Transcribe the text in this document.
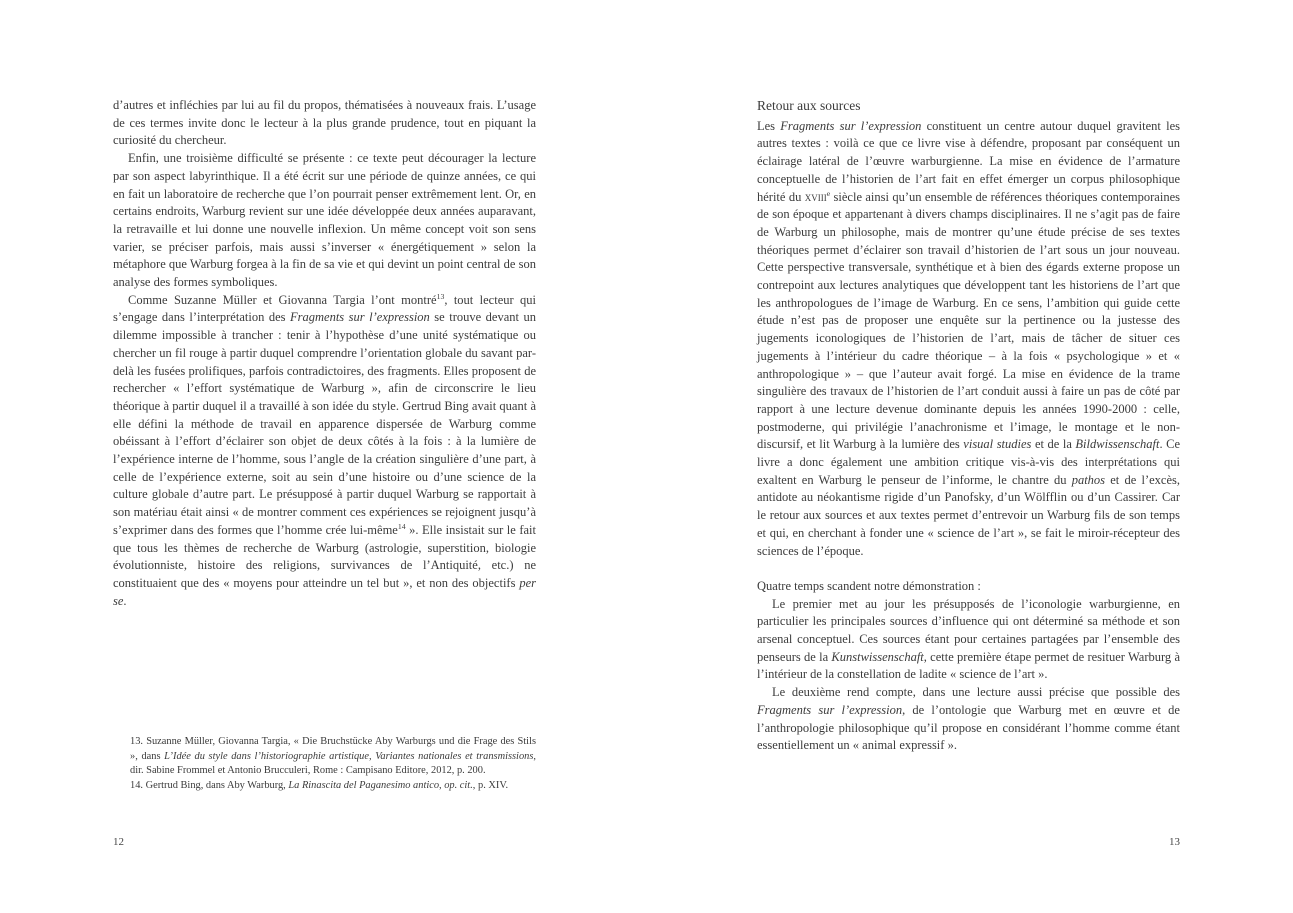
d’autres et infléchies par lui au fil du propos, thématisées à nouveaux frais. L’usage de ces termes invite donc le lecteur à la plus grande prudence, tout en piquant la curiosité du chercheur.

Enfin, une troisième difficulté se présente : ce texte peut décourager la lecture par son aspect labyrinthique. Il a été écrit sur une période de quinze années, ce qui en fait un laboratoire de recherche que l’on pourrait penser extrêmement lent. Or, en certains endroits, Warburg revient sur une idée développée deux années auparavant, la retravaille et lui donne une nouvelle inflexion. Un même concept voit son sens varier, se préciser parfois, mais aussi s’inverser « énergétiquement » selon la métaphore que Warburg forgea à la fin de sa vie et qui devint un point central de son analyse des formes symboliques.

Comme Suzanne Müller et Giovanna Targia l’ont montré$^{13}$, tout lecteur qui s’engage dans l’interprétation des Fragments sur l’expression se trouve devant un dilemme impossible à trancher : tenir à l’hypothèse d’une unité systématique ou chercher un fil rouge à partir duquel comprendre l’orientation globale du savant par-delà les fusées prolifiques, parfois contradictoires, des fragments. Elles proposent de rechercher « l’effort systématique de Warburg », afin de circonscrire le lieu théorique à partir duquel il a travaillé à son idée du style. Gertrud Bing avait quant à elle défini la méthode de travail en apparence dispersée de Warburg comme obéissant à l’effort d’éclairer son objet de deux côtés à la fois : à la lumière de l’expérience interne de l’homme, sous l’angle de la création singulière d’une part, à celle de l’expérience externe, soit au sein d’une histoire ou d’une science de la culture globale d’autre part. Le présupposé à partir duquel Warburg se rapportait à son matériau était ainsi « de montrer comment ces expériences se rejoignent jusqu’à s’exprimer dans des formes que l’homme crée lui-même$^{14}$ ». Elle insistait sur le fait que tous les thèmes de recherche de Warburg (astrologie, superstition, biologie évolutionniste, histoire des religions, survivances de l’Antiquité, etc.) ne constituaient que des « moyens pour atteindre un tel but », et non des objectifs per se.

13. Suzanne Müller, Giovanna Targia, « Die Bruchstücke Aby Warburgs und die Frage des Stils », dans L’Idée du style dans l’historiographie artistique, Variantes nationales et transmissions, dir. Sabine Frommel et Antonio Brucculeri, Rome : Campisano Editore, 2012, p. 200.

14. Gertrud Bing, dans Aby Warburg, La Rinascita del Paganesimo antico, op. cit., p. XIV.

12

Retour aux sources

Les Fragments sur l’expression constituent un centre autour duquel gravitent les autres textes : voilà ce que ce livre vise à défendre, proposant par conséquent un éclairage latéral de l’œuvre warburgienne. La mise en évidence de l’armature conceptuelle de l’historien de l’art fait en effet émerger un corpus philosophique hérité du xviii$^e$ siècle ainsi qu’un ensemble de références théoriques contemporaines de son époque et appartenant à divers champs disciplinaires. Il ne s’agit pas de faire de Warburg un philosophe, mais de montrer qu’une étude précise de ses textes théoriques permet d’éclairer son travail d’historien de l’art sous un jour nouveau. Cette perspective transversale, synthétique et à bien des égards externe propose un contrepoint aux lectures analytiques que développent tant les historiens de l’art que les anthropologues de l’image de Warburg. En ce sens, l’ambition qui guide cette étude n’est pas de proposer une enquête sur la pertinence ou la justesse des jugements iconologiques de l’historien de l’art, mais de tâcher de situer ces jugements à l’intérieur du cadre théorique – à la fois « psychologique » et « anthropologique » – que l’auteur avait forgé. La mise en évidence de la trame singulière des travaux de l’historien de l’art conduit aussi à faire un pas de côté par rapport à une lecture devenue dominante depuis les années 1990-2000 : celle, postmoderne, qui privilégie l’anachronisme et l’image, le montage et le non-discursif, et lit Warburg à la lumière des visual studies et de la Bildwissenschaft. Ce livre a donc également une ambition critique vis-à-vis des interprétations qui exaltent en Warburg le penseur de l’informe, le chantre du pathos et de l’excès, antidote au néokantisme rigide d’un Panofsky, d’un Wölfflin ou d’un Cassirer. Car le retour aux sources et aux textes permet d’entrevoir un Warburg fils de son temps et qui, en cherchant à fonder une « science de l’art », se fait le miroir-récepteur des sciences de l’époque.

Quatre temps scandent notre démonstration :

Le premier met au jour les présupposés de l’iconologie warburgienne, en particulier les principales sources d’influence qui ont déterminé sa méthode et son arsenal conceptuel. Ces sources étant pour certaines partagées par l’ensemble des penseurs de la Kunstwissenschaft, cette première étape permet de resituer Warburg à l’intérieur de la constellation de ladite « science de l’art ».

Le deuxième rend compte, dans une lecture aussi précise que possible des Fragments sur l’expression, de l’ontologie que Warburg met en œuvre et de l’anthropologie philosophique qu’il propose en considérant l’homme comme étant essentiellement un « animal expressif ».

13
